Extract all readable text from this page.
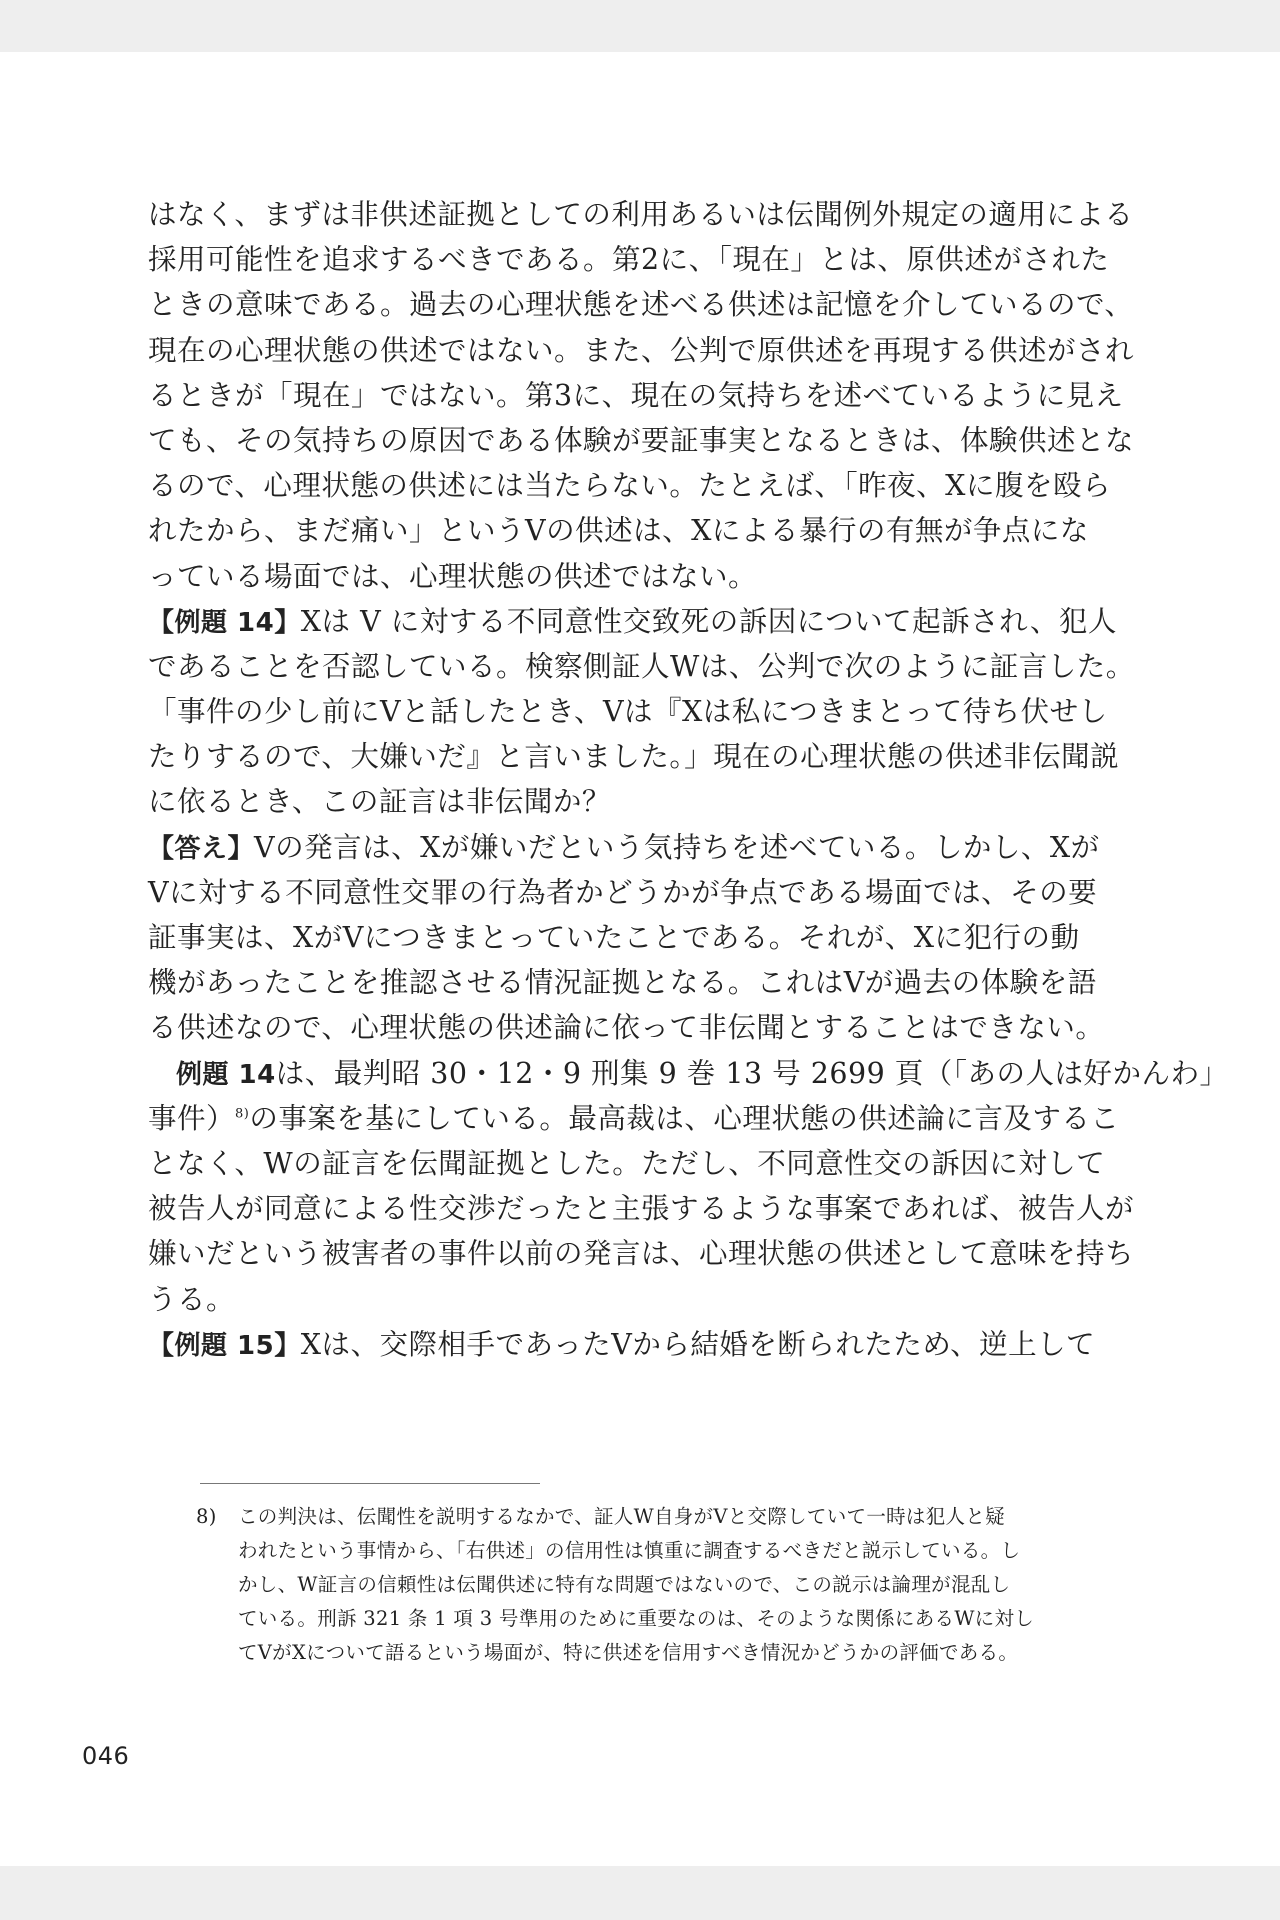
はなく、まずは非供述証拠としての利用あるいは伝聞例外規定の適用による
採用可能性を追求するべきである。第2に、「現在」とは、原供述がされた
ときの意味である。過去の心理状態を述べる供述は記憶を介しているので、
現在の心理状態の供述ではない。また、公判で原供述を再現する供述がされ
るときが「現在」ではない。第3に、現在の気持ちを述べているように見え
ても、その気持ちの原因である体験が要証事実となるときは、体験供述とな
るので、心理状態の供述には当たらない。たとえば、「昨夜、Xに腹を殴ら
れたから、まだ痛い」というVの供述は、Xによる暴行の有無が争点にな
っている場面では、心理状態の供述ではない。
【例題 14】Xは V に対する不同意性交致死の訴因について起訴され、犯人
であることを否認している。検察側証人Wは、公判で次のように証言した。
「事件の少し前にVと話したとき、Vは『Xは私につきまとって待ち伏せし
たりするので、大嫌いだ』と言いました。」現在の心理状態の供述非伝聞説
に依るとき、この証言は非伝聞か？
【答え】Vの発言は、Xが嫌いだという気持ちを述べている。しかし、Xが
Vに対する不同意性交罪の行為者かどうかが争点である場面では、その要
証事実は、XがVにつきまとっていたことである。それが、Xに犯行の動
機があったことを推認させる情況証拠となる。これはVが過去の体験を語
る供述なので、心理状態の供述論に依って非伝聞とすることはできない。
例題 14は、最判昭 30・12・9 刑集 9 巻 13 号 2699 頁（「あの人は好かんわ」
事件）$^{8)}$の事案を基にしている。最高裁は、心理状態の供述論に言及するこ
となく、Wの証言を伝聞証拠とした。ただし、不同意性交の訴因に対して
被告人が同意による性交渉だったと主張するような事案であれば、被告人が
嫌いだという被害者の事件以前の発言は、心理状態の供述として意味を持ち
うる。
【例題 15】Xは、交際相手であったVから結婚を断られたため、逆上して
8) この判決は、伝聞性を説明するなかで、証人W自身がVと交際していて一時は犯人と疑
われたという事情から、「右供述」の信用性は慎重に調査するべきだと説示している。し
かし、W証言の信頼性は伝聞供述に特有な問題ではないので、この説示は論理が混乱し
ている。刑訴 321 条 1 項 3 号準用のために重要なのは、そのような関係にあるWに対し
てVがXについて語るという場面が、特に供述を信用すべき情況かどうかの評価である。
046
